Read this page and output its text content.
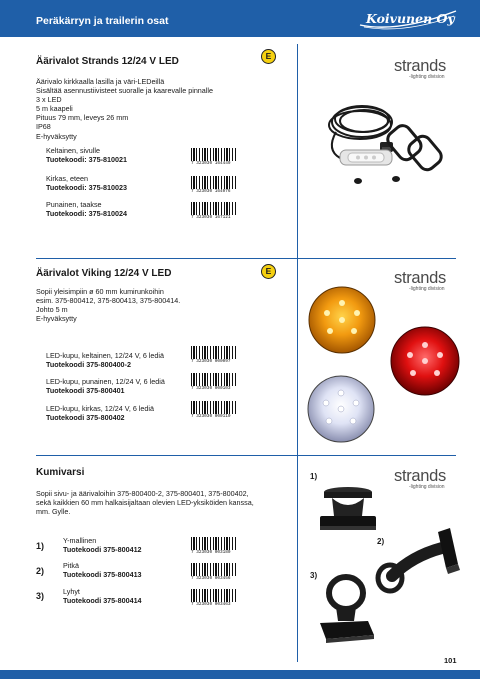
Peräkärryn ja trailerin osat	Koivunen Oy
Äärivalot Strands 12/24 V LED	E
Äärivalo kirkkaalla lasilla ja väri-LEDeillä
Sisältää asennustiivisteet suoralle ja kaarevalle pinnalle
3 x LED
5 m kaapeli
Pituus 79 mm, leveys 26 mm
IP68
E-hyväksytty
Keltainen, sivulle
Tuotekoodi: 375-810021	7 323030 164449
Kirkas, eteen
Tuotekoodi: 375-810023	7 323030 164076
Punainen, taakse
Tuotekoodi: 375-810024	7 323030 167121
strands
-lighting division
Äärivalot Viking 12/24 V LED	E
Sopii yleisimpiin ø 60 mm kumirunkoihin
esim. 375-800412, 375-800413, 375-800414.
Johto 5 m
E-hyväksytty
LED-kupu, keltainen, 12/24 V, 6 lediä
Tuotekoodi 375-800400-2	7 323030 000097
LED-kupu, punainen, 12/24 V, 6 lediä
Tuotekoodi 375-800401	7 323030 000103
LED-kupu, kirkas, 12/24 V, 6 lediä
Tuotekoodi 375-800402	7 323030 000110
strands
-lighting division
Kumivarsi
Sopii sivu- ja äärivaloihin 375-800400-2, 375-800401, 375-800402,
sekä kaikkien 60 mm halkaisijaltaan olevien LED-yksiköiden kanssa,
mm. Gylle.
1)
Y-mallinen
Tuotekoodi 375-800412	7 323030 003180
2)
Pitkä
Tuotekoodi 375-800413	7 323030 003456
3)	Lyhyt
Tuotekoodi 375-800414	7 323030 003463
strands
-lighting division
1)
2)
3)
101
